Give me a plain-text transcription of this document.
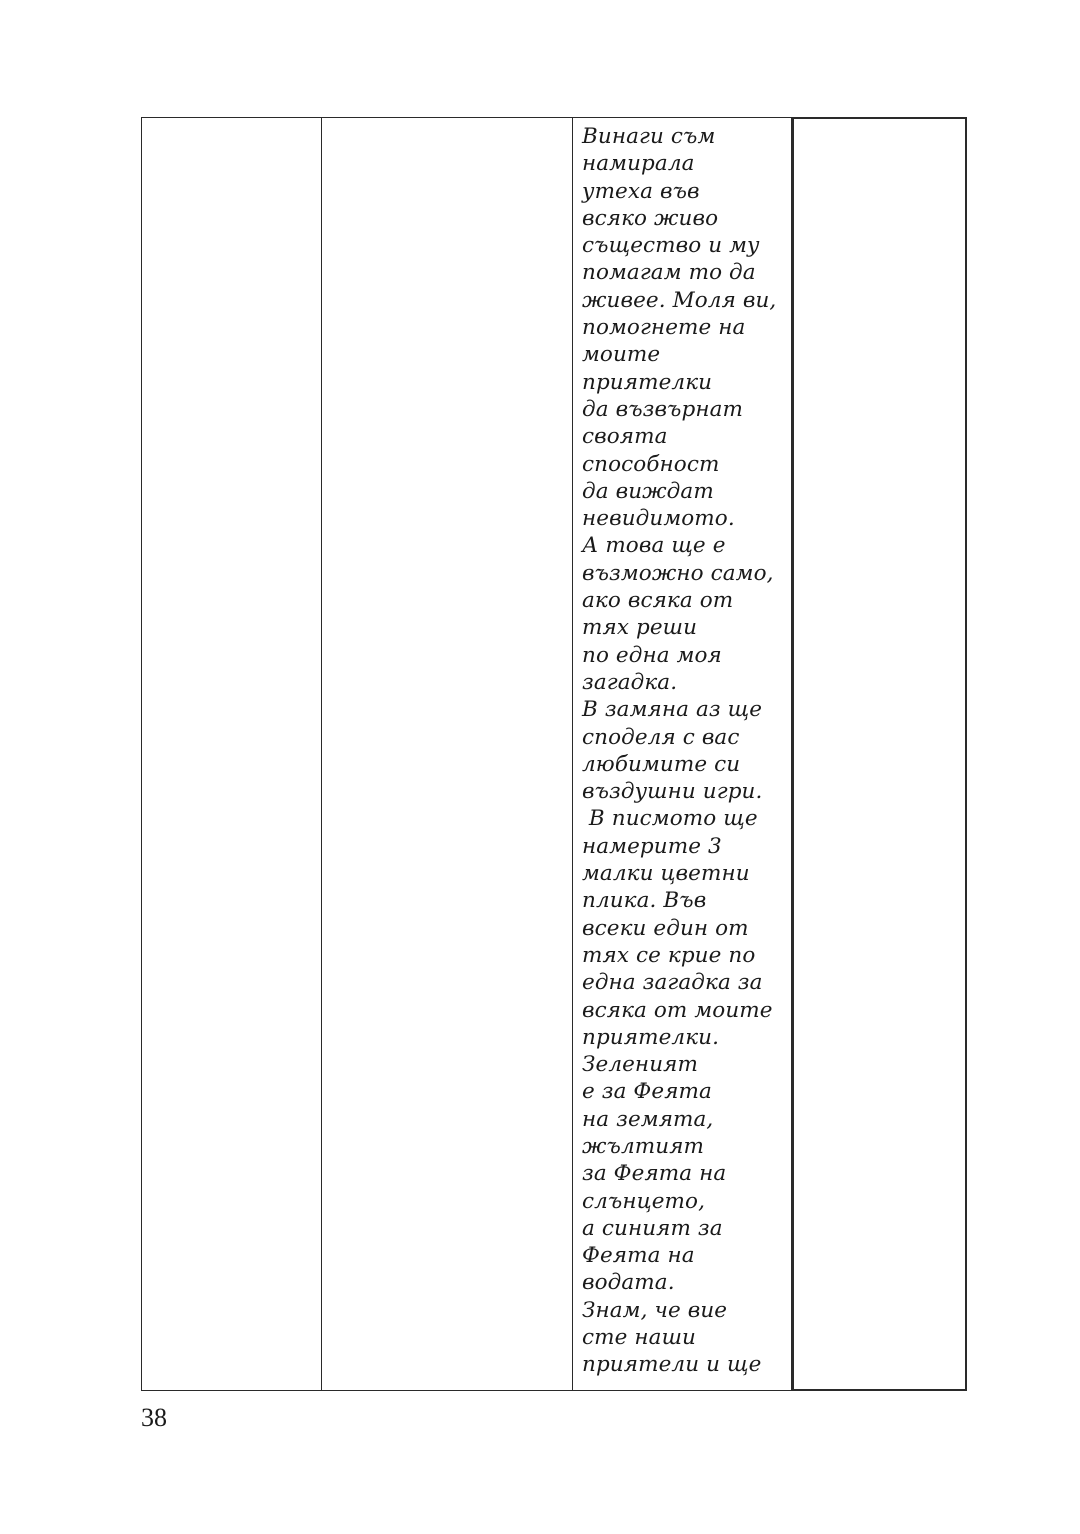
Винаги съм
намирала
утеха във
всяко живо
същество и му
помагам то да
живее. Моля ви,
помогнете на
моите
приятелки
да възвърнат
своята
способност
да виждат
невидимото.
А това ще е
възможно само,
ако всяка от
тях реши
по една моя
загадка.
В замяна аз ще
споделя с вас
любимите си
въздушни игри.
В писмото ще
намерите 3
малки цветни
плика. Във
всеки един от
тях се крие по
една загадка за
всяка от моите
приятелки.
Зеленият
е за Феята
на земята,
жълтият
за Феята на
слънцето,
а синият за
Феята на
водата.
Знам, че вие
сте наши
приятели и ще
38
